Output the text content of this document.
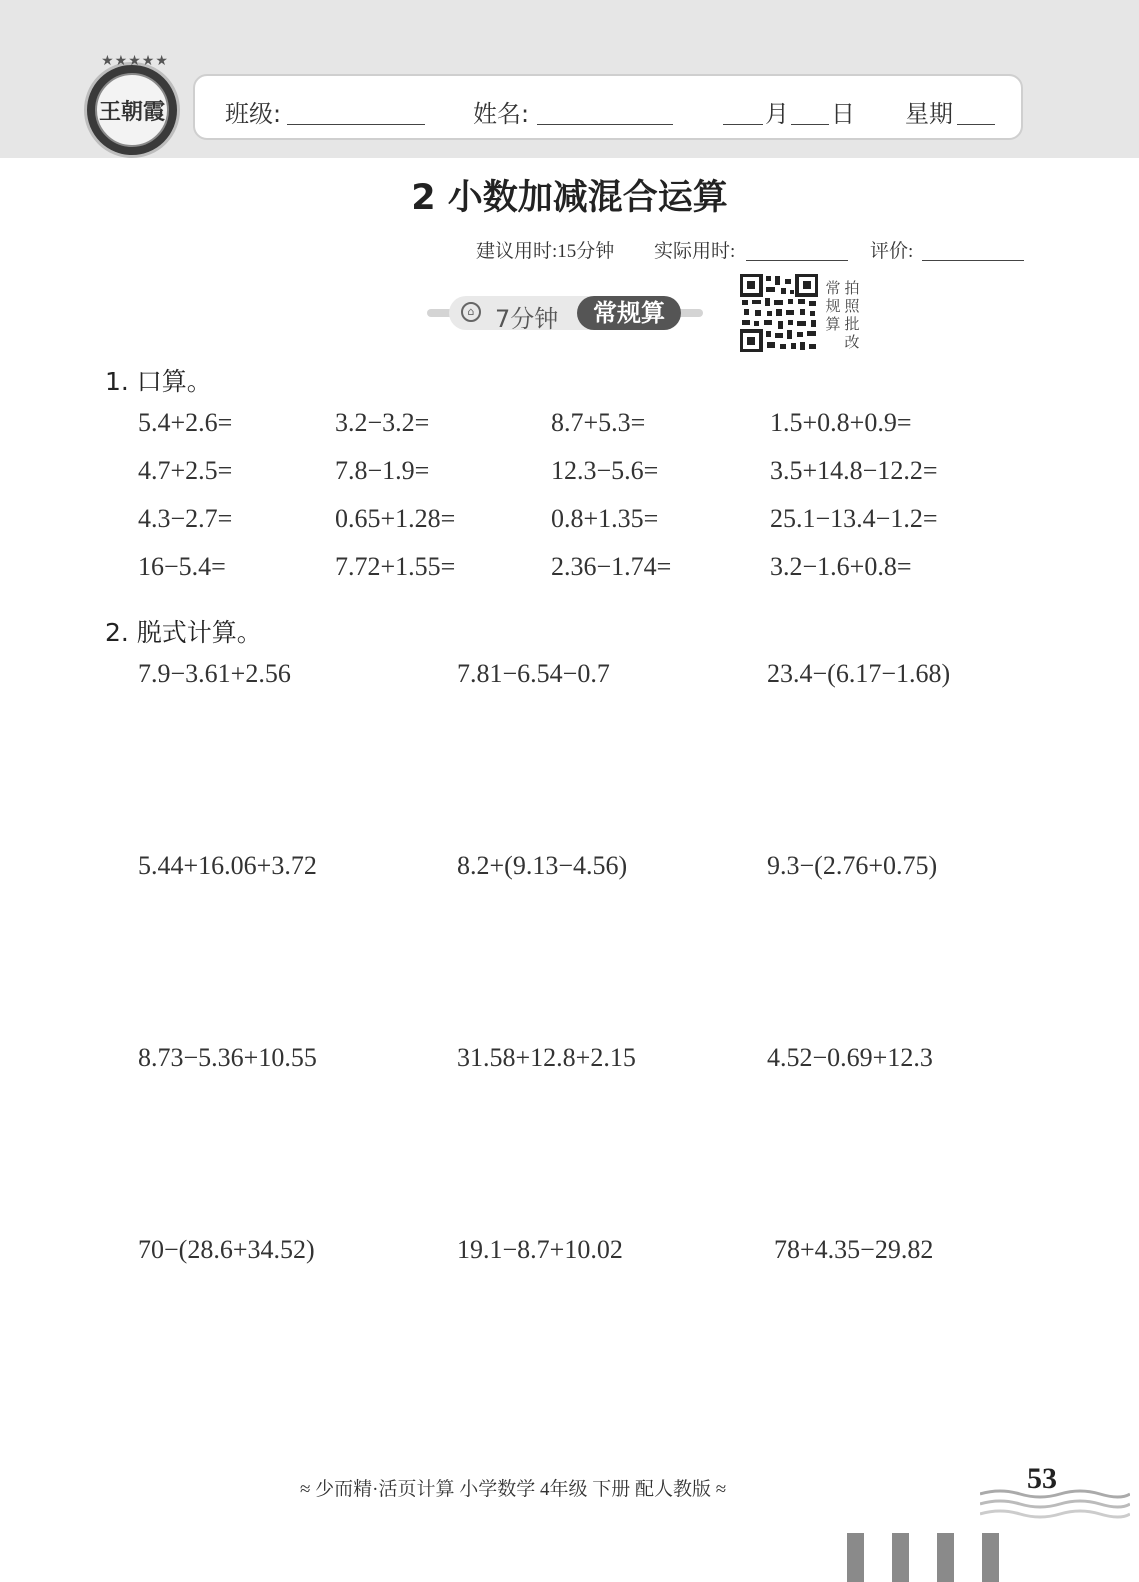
★★★★★
王朝霞	班级:	姓名:	月 日 星期
2 小数加减混合运算
建议用时:15分钟 实际用时:	评价:
⌂ 7分钟	常规算
常规算
拍照批改
1. 口算。
5.4+2.6=	3.2−3.2=	8.7+5.3=	1.5+0.8+0.9=
4.7+2.5=	7.8−1.9=	12.3−5.6=	3.5+14.8−12.2=
4.3−2.7=	0.65+1.28=	0.8+1.35=	25.1−13.4−1.2=
16−5.4=	7.72+1.55=	2.36−1.74=	3.2−1.6+0.8=
2. 脱式计算。
7.9−3.61+2.56	7.81−6.54−0.7	23.4−(6.17−1.68)
5.44+16.06+3.72	8.2+(9.13−4.56)	9.3−(2.76+0.75)
8.73−5.36+10.55	31.58+12.8+2.15	4.52−0.69+12.3
70−(28.6+34.52)	19.1−8.7+10.02	78+4.35−29.82
≈ 少而精·活页计算 小学数学 4年级 下册 配人教版 ≈	53
